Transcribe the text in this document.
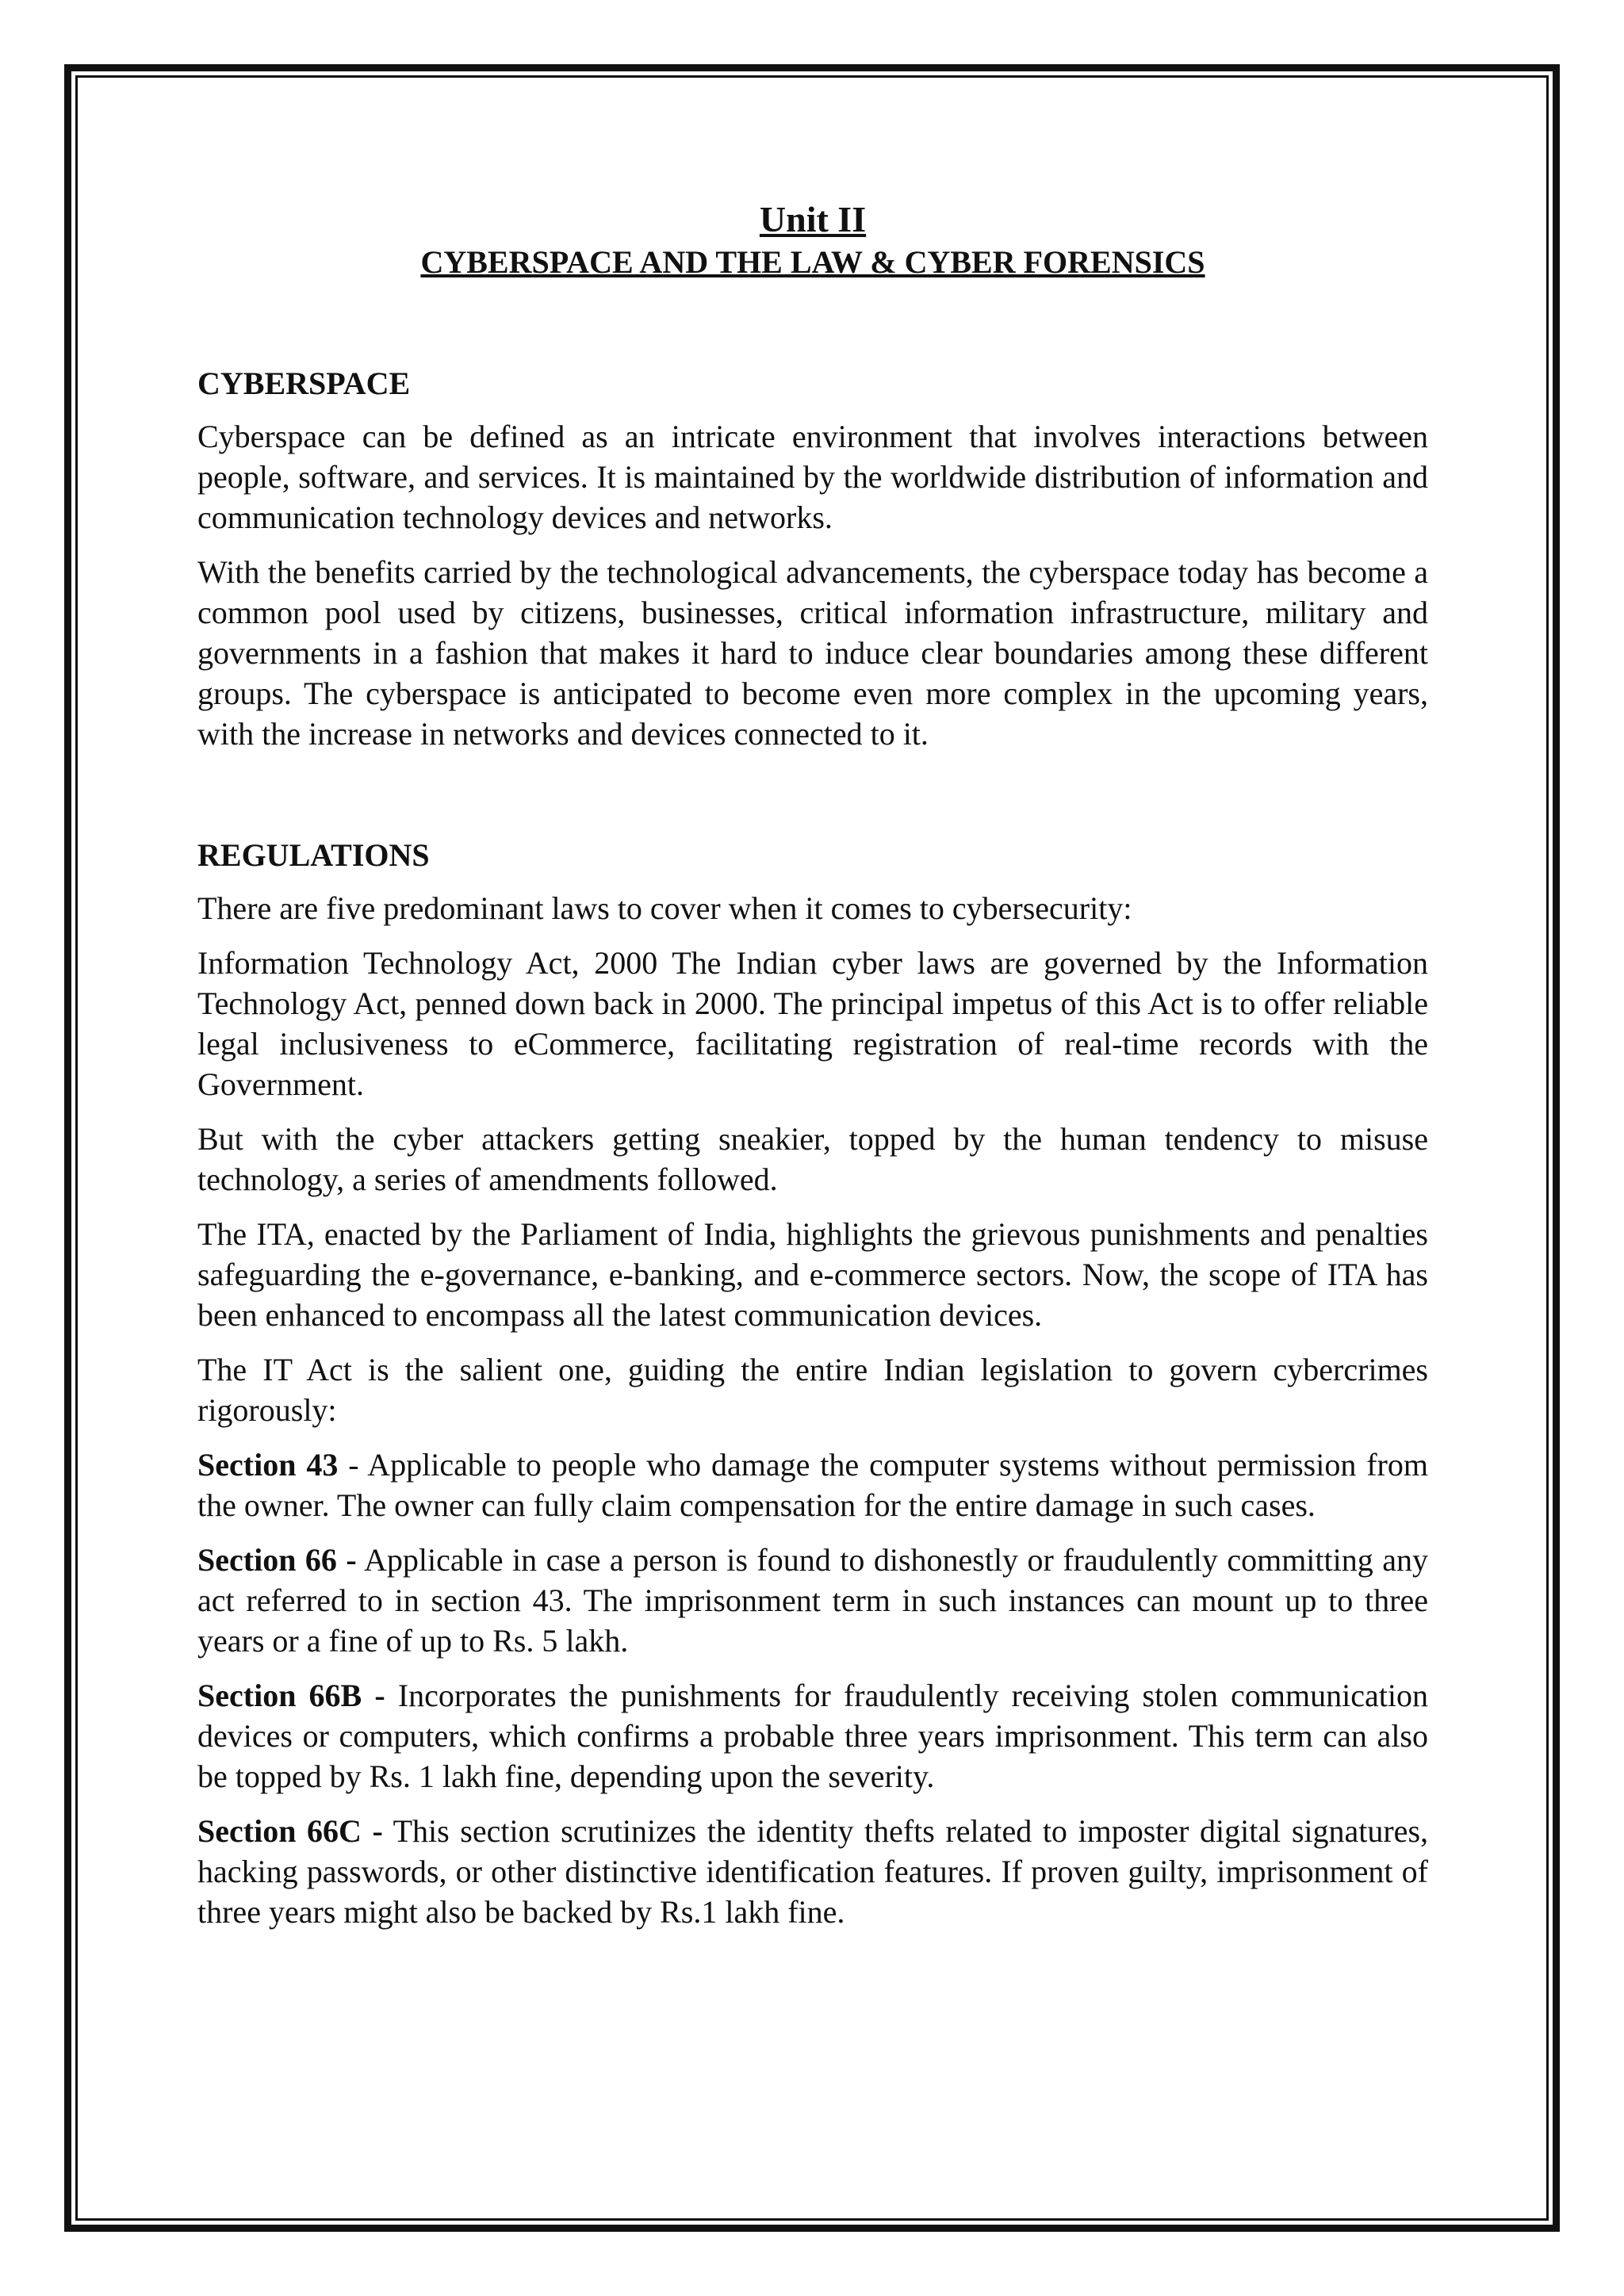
Unit II
CYBERSPACE AND THE LAW & CYBER FORENSICS
CYBERSPACE

Cyberspace can be defined as an intricate environment that involves interactions between people, software, and services. It is maintained by the worldwide distribution of information and communication technology devices and networks.

With the benefits carried by the technological advancements, the cyberspace today has become a common pool used by citizens, businesses, critical information infrastructure, military and governments in a fashion that makes it hard to induce clear boundaries among these different groups. The cyberspace is anticipated to become even more complex in the upcoming years, with the increase in networks and devices connected to it.

REGULATIONS

There are five predominant laws to cover when it comes to cybersecurity:

Information Technology Act, 2000 The Indian cyber laws are governed by the Information Technology Act, penned down back in 2000. The principal impetus of this Act is to offer reliable legal inclusiveness to eCommerce, facilitating registration of real-time records with the Government.

But with the cyber attackers getting sneakier, topped by the human tendency to misuse technology, a series of amendments followed.

The ITA, enacted by the Parliament of India, highlights the grievous punishments and penalties safeguarding the e-governance, e-banking, and e-commerce sectors. Now, the scope of ITA has been enhanced to encompass all the latest communication devices.

The IT Act is the salient one, guiding the entire Indian legislation to govern cybercrimes rigorously:

Section 43 - Applicable to people who damage the computer systems without permission from the owner. The owner can fully claim compensation for the entire damage in such cases.

Section 66 - Applicable in case a person is found to dishonestly or fraudulently committing any act referred to in section 43. The imprisonment term in such instances can mount up to three years or a fine of up to Rs. 5 lakh.

Section 66B - Incorporates the punishments for fraudulently receiving stolen communication devices or computers, which confirms a probable three years imprisonment. This term can also be topped by Rs. 1 lakh fine, depending upon the severity.

Section 66C - This section scrutinizes the identity thefts related to imposter digital signatures, hacking passwords, or other distinctive identification features. If proven guilty, imprisonment of three years might also be backed by Rs.1 lakh fine.
